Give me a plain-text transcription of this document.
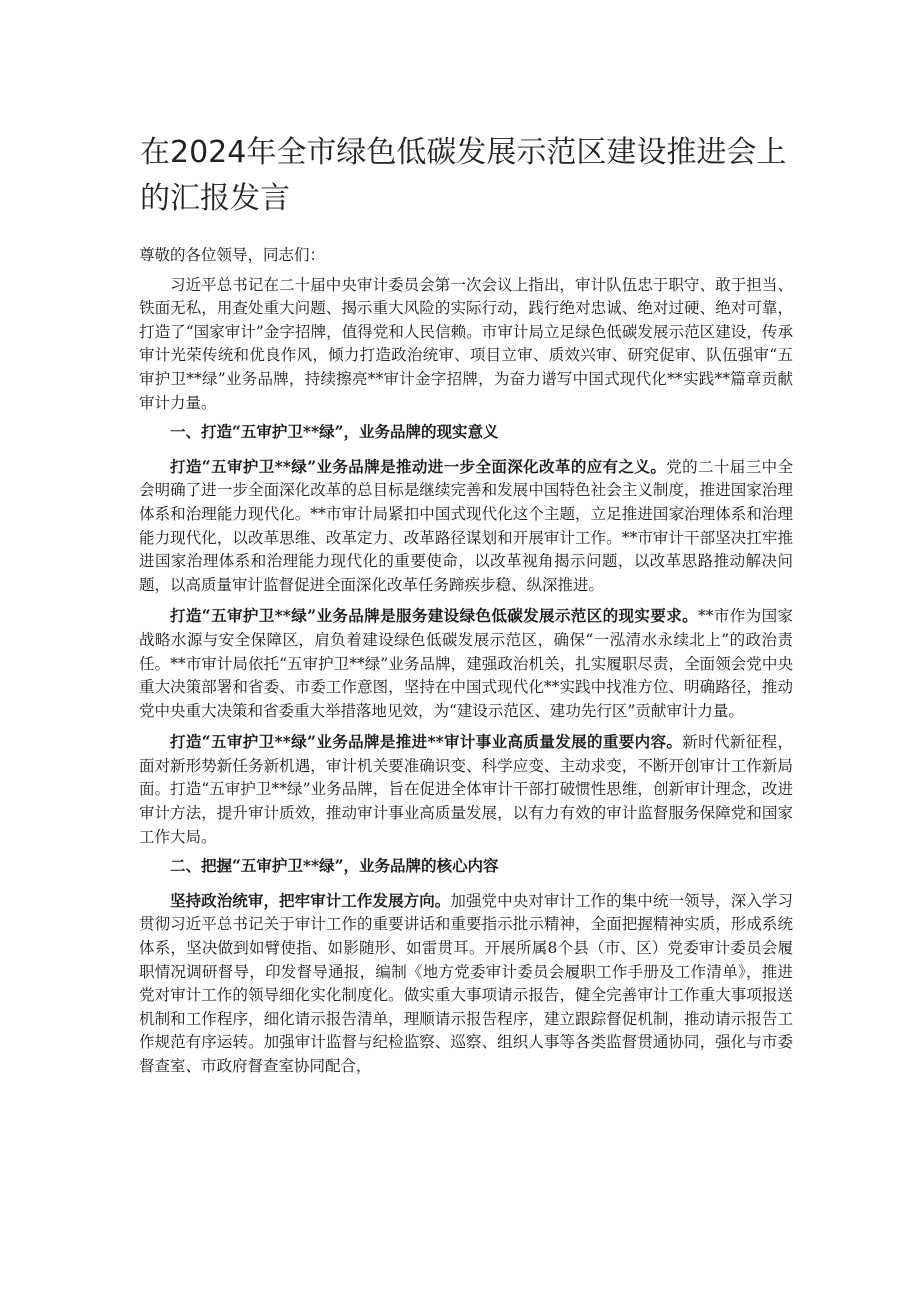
在2024年全市绿色低碳发展示范区建设推进会上的汇报发言

尊敬的各位领导，同志们：

习近平总书记在二十届中央审计委员会第一次会议上指出，审计队伍忠于职守、敢于担当、铁面无私，用查处重大问题、揭示重大风险的实际行动，践行绝对忠诚、绝对过硬、绝对可靠，打造了“国家审计”金字招牌，值得党和人民信赖。市审计局立足绿色低碳发展示范区建设，传承审计光荣传统和优良作风，倾力打造政治统审、项目立审、质效兴审、研究促审、队伍强审“五审护卫**绿”业务品牌，持续擦亮**审计金字招牌，为奋力谱写中国式现代化**实践**篇章贡献审计力量。

一、打造“五审护卫**绿”，业务品牌的现实意义

打造“五审护卫**绿”业务品牌是推动进一步全面深化改革的应有之义。党的二十届三中全会明确了进一步全面深化改革的总目标是继续完善和发展中国特色社会主义制度，推进国家治理体系和治理能力现代化。**市审计局紧扣中国式现代化这个主题，立足推进国家治理体系和治理能力现代化，以改革思维、改革定力、改革路径谋划和开展审计工作。**市审计干部坚决扛牢推进国家治理体系和治理能力现代化的重要使命，以改革视角揭示问题，以改革思路推动解决问题，以高质量审计监督促进全面深化改革任务蹄疾步稳、纵深推进。

打造“五审护卫**绿”业务品牌是服务建设绿色低碳发展示范区的现实要求。**市作为国家战略水源与安全保障区，肩负着建设绿色低碳发展示范区，确保“一泓清水永续北上”的政治责任。**市审计局依托“五审护卫**绿”业务品牌，建强政治机关，扎实履职尽责，全面领会党中央重大决策部署和省委、市委工作意图，坚持在中国式现代化**实践中找准方位、明确路径，推动党中央重大决策和省委重大举措落地见效，为“建设示范区、建功先行区”贡献审计力量。

打造“五审护卫**绿”业务品牌是推进**审计事业高质量发展的重要内容。新时代新征程，面对新形势新任务新机遇，审计机关要准确识变、科学应变、主动求变，不断开创审计工作新局面。打造“五审护卫**绿”业务品牌，旨在促进全体审计干部打破惯性思维，创新审计理念，改进审计方法，提升审计质效，推动审计事业高质量发展，以有力有效的审计监督服务保障党和国家工作大局。

二、把握“五审护卫**绿”，业务品牌的核心内容

坚持政治统审，把牢审计工作发展方向。加强党中央对审计工作的集中统一领导，深入学习贯彻习近平总书记关于审计工作的重要讲话和重要指示批示精神，全面把握精神实质，形成系统体系，坚决做到如臂使指、如影随形、如雷贯耳。开展所属8个县（市、区）党委审计委员会履职情况调研督导，印发督导通报，编制《地方党委审计委员会履职工作手册及工作清单》，推进党对审计工作的领导细化实化制度化。做实重大事项请示报告，健全完善审计工作重大事项报送机制和工作程序，细化请示报告清单，理顺请示报告程序，建立跟踪督促机制，推动请示报告工作规范有序运转。加强审计监督与纪检监察、巡察、组织人事等各类监督贯通协同，强化与市委督查室、市政府督查室协同配合，
